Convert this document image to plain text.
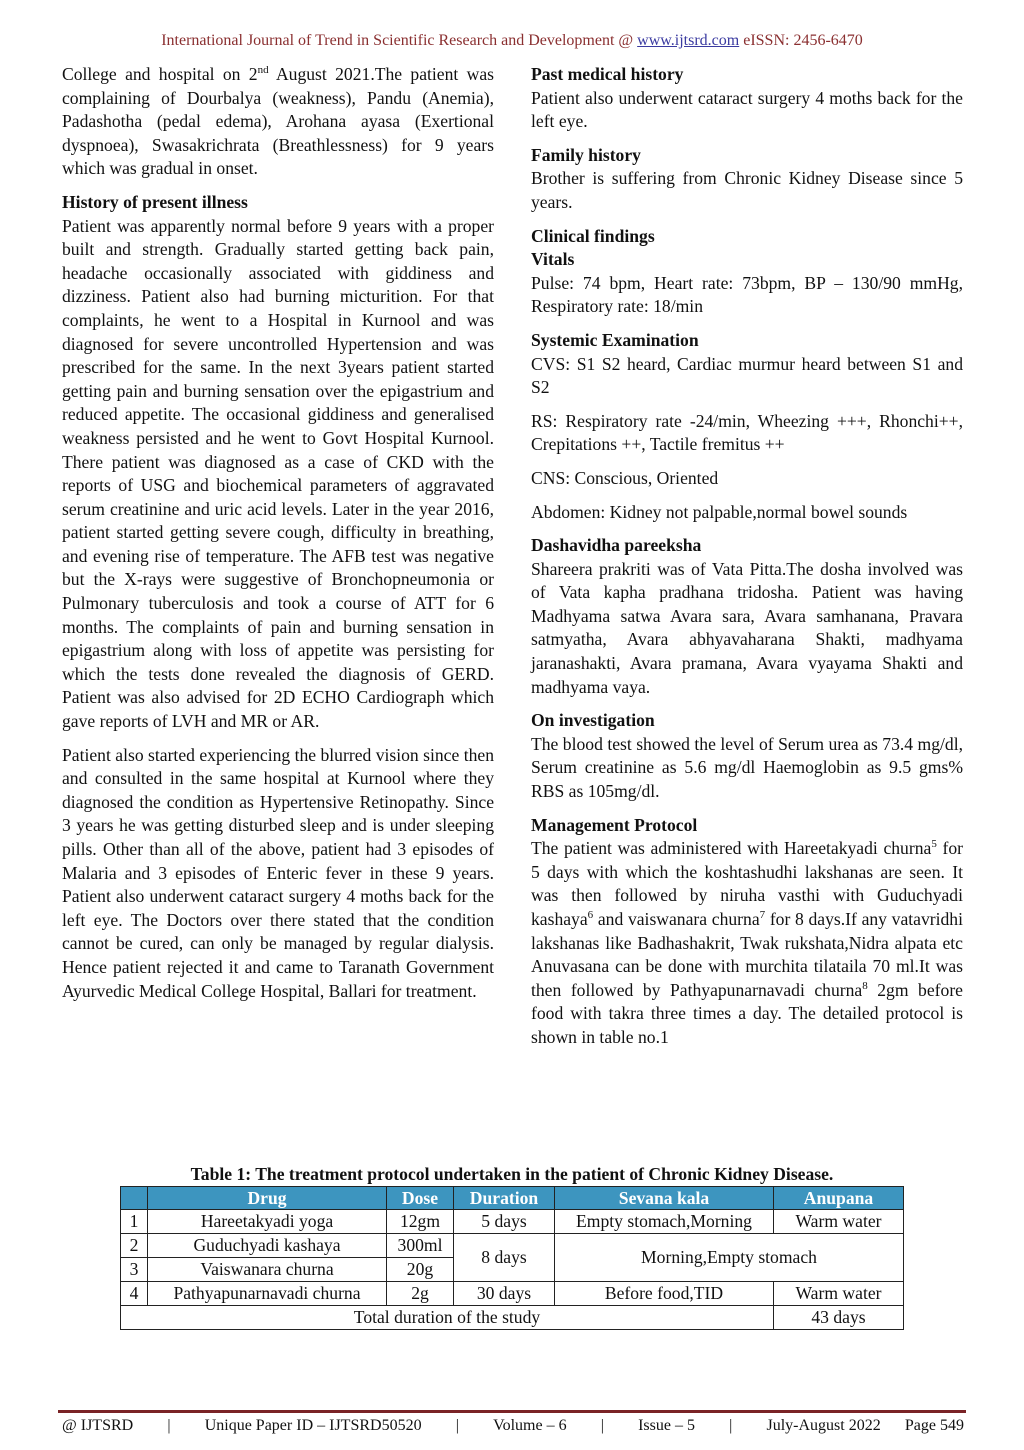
International Journal of Trend in Scientific Research and Development @ www.ijtsrd.com eISSN: 2456-6470

College and hospital on 2nd August 2021.The patient was complaining of Dourbalya (weakness), Pandu (Anemia), Padashotha (pedal edema), Arohana ayasa (Exertional dyspnoea), Swasakrichrata (Breathlessness) for 9 years which was gradual in onset.

History of present illness

Patient was apparently normal before 9 years with a proper built and strength. Gradually started getting back pain, headache occasionally associated with giddiness and dizziness. Patient also had burning micturition. For that complaints, he went to a Hospital in Kurnool and was diagnosed for severe uncontrolled Hypertension and was prescribed for the same. In the next 3years patient started getting pain and burning sensation over the epigastrium and reduced appetite. The occasional giddiness and generalised weakness persisted and he went to Govt Hospital Kurnool. There patient was diagnosed as a case of CKD with the reports of USG and biochemical parameters of aggravated serum creatinine and uric acid levels. Later in the year 2016, patient started getting severe cough, difficulty in breathing, and evening rise of temperature. The AFB test was negative but the X-rays were suggestive of Bronchopneumonia or Pulmonary tuberculosis and took a course of ATT for 6 months. The complaints of pain and burning sensation in epigastrium along with loss of appetite was persisting for which the tests done revealed the diagnosis of GERD. Patient was also advised for 2D ECHO Cardiograph which gave reports of LVH and MR or AR.

Patient also started experiencing the blurred vision since then and consulted in the same hospital at Kurnool where they diagnosed the condition as Hypertensive Retinopathy. Since 3 years he was getting disturbed sleep and is under sleeping pills. Other than all of the above, patient had 3 episodes of Malaria and 3 episodes of Enteric fever in these 9 years. Patient also underwent cataract surgery 4 moths back for the left eye. The Doctors over there stated that the condition cannot be cured, can only be managed by regular dialysis. Hence patient rejected it and came to Taranath Government Ayurvedic Medical College Hospital, Ballari for treatment.

Past medical history

Patient also underwent cataract surgery 4 moths back for the left eye.

Family history

Brother is suffering from Chronic Kidney Disease since 5 years.

Clinical findings
Vitals

Pulse: 74 bpm, Heart rate: 73bpm, BP – 130/90 mmHg, Respiratory rate: 18/min

Systemic Examination

CVS: S1 S2 heard, Cardiac murmur heard between S1 and S2

RS: Respiratory rate -24/min, Wheezing +++, Rhonchi++, Crepitations ++, Tactile fremitus ++

CNS: Conscious, Oriented

Abdomen: Kidney not palpable,normal bowel sounds

Dashavidha pareeksha

Shareera prakriti was of Vata Pitta.The dosha involved was of Vata kapha pradhana tridosha. Patient was having Madhyama satwa Avara sara, Avara samhanana, Pravara satmyatha, Avara abhyavaharana Shakti, madhyama jaranashakti, Avara pramana, Avara vyayama Shakti and madhyama vaya.

On investigation

The blood test showed the level of Serum urea as 73.4 mg/dl, Serum creatinine as 5.6 mg/dl Haemoglobin as 9.5 gms% RBS as 105mg/dl.

Management Protocol

The patient was administered with Hareetakyadi churna$^5$ for 5 days with which the koshtashudhi lakshanas are seen. It was then followed by niruha vasthi with Guduchyadi kashaya$^6$ and vaiswanara churna$^7$ for 8 days.If any vatavridhi lakshanas like Badhashakrit, Twak rukshata,Nidra alpata etc Anuvasana can be done with murchita tilataila 70 ml.It was then followed by Pathyapunarnavadi churna$^8$ 2gm before food with takra three times a day. The detailed protocol is shown in table no.1

Table 1: The treatment protocol undertaken in the patient of Chronic Kidney Disease.
	Drug	Dose	Duration	Sevana kala	Anupana
1	Hareetakyadi yoga	12gm	5 days	Empty stomach,Morning	Warm water
2	Guduchyadi kashaya	300ml	8 days	Morning,Empty stomach	
3	Vaiswanara churna	20g			
4	Pathyapunarnavadi churna	2g	30 days	Before food,TID	Warm water
Total duration of the study					43 days
@ IJTSRD | Unique Paper ID – IJTSRD50520 | Volume – 6 | Issue – 5 | July-August 2022 Page 549
